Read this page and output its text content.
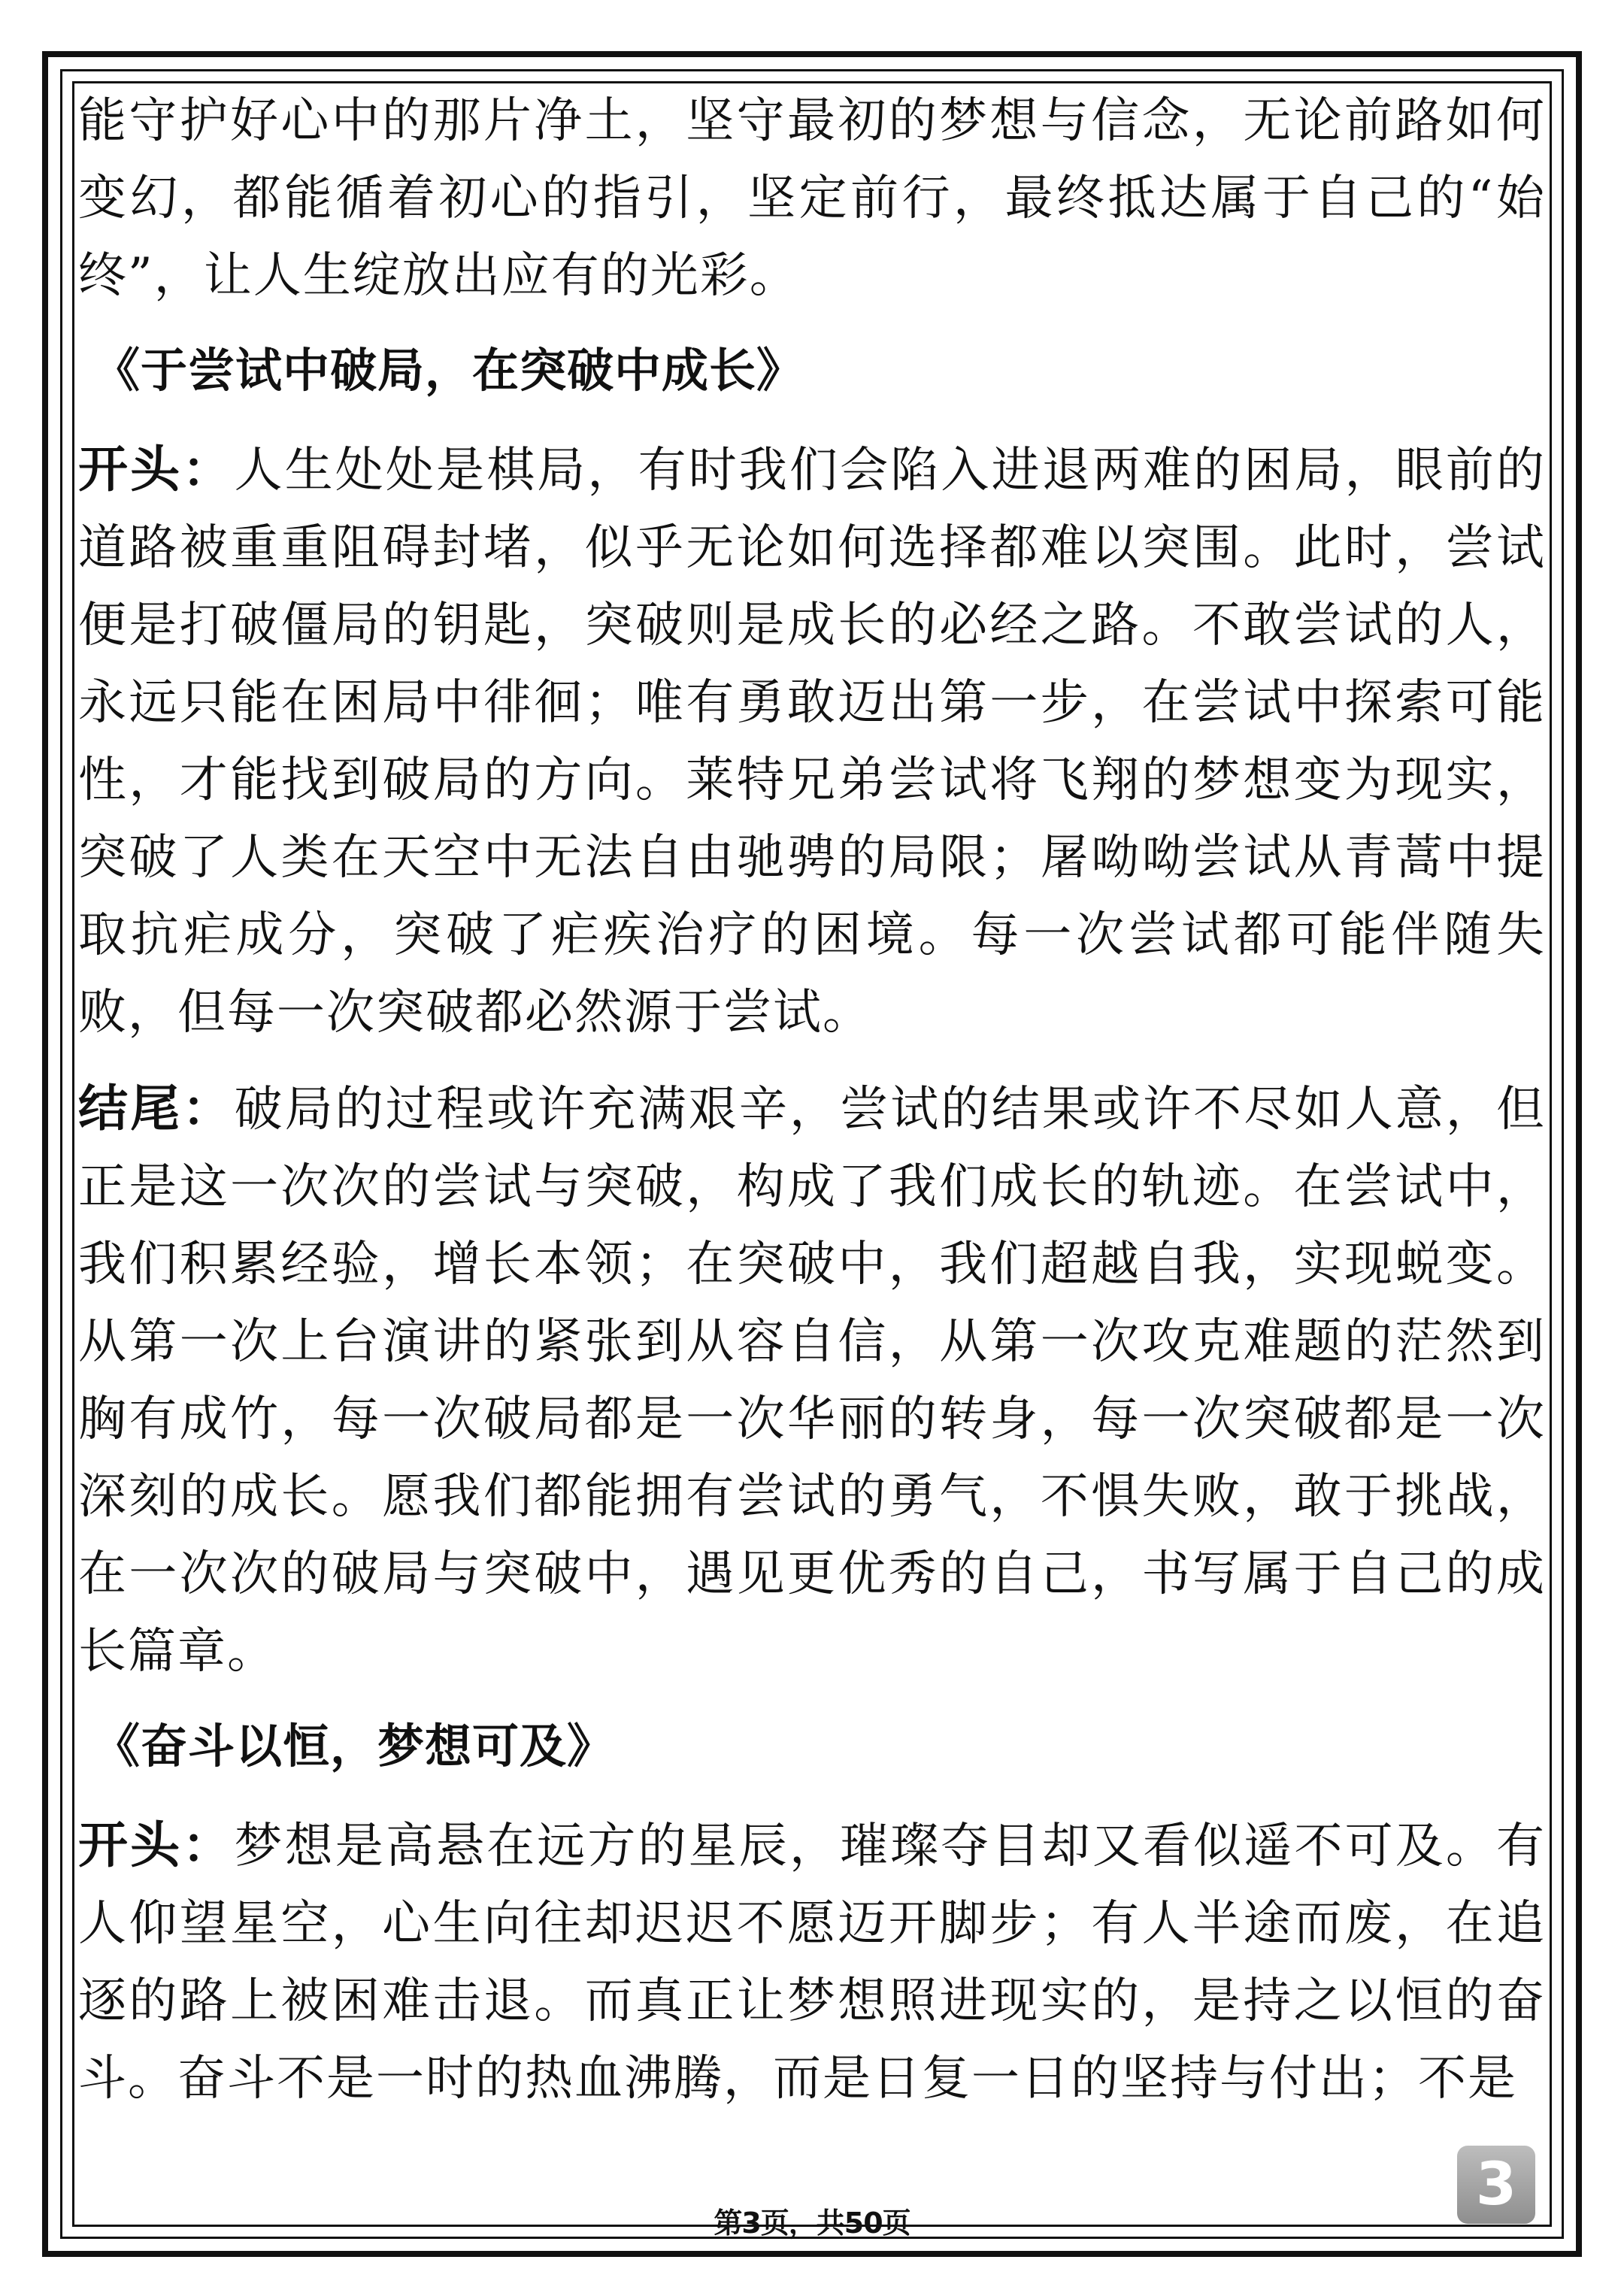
能守护好心中的那片净土，坚守最初的梦想与信念，无论前路如何变幻，都能循着初心的指引，坚定前行，最终抵达属于自己的“始终”，让人生绽放出应有的光彩。

《于尝试中破局，在突破中成长》

开头：人生处处是棋局，有时我们会陷入进退两难的困局，眼前的道路被重重阻碍封堵，似乎无论如何选择都难以突围。此时，尝试便是打破僵局的钥匙，突破则是成长的必经之路。不敢尝试的人，永远只能在困局中徘徊；唯有勇敢迈出第一步，在尝试中探索可能性，才能找到破局的方向。莱特兄弟尝试将飞翔的梦想变为现实，突破了人类在天空中无法自由驰骋的局限；屠呦呦尝试从青蒿中提取抗疟成分，突破了疟疾治疗的困境。每一次尝试都可能伴随失败，但每一次突破都必然源于尝试。

结尾：破局的过程或许充满艰辛，尝试的结果或许不尽如人意，但正是这一次次的尝试与突破，构成了我们成长的轨迹。在尝试中，我们积累经验，增长本领；在突破中，我们超越自我，实现蜕变。从第一次上台演讲的紧张到从容自信，从第一次攻克难题的茫然到胸有成竹，每一次破局都是一次华丽的转身，每一次突破都是一次深刻的成长。愿我们都能拥有尝试的勇气，不惧失败，敢于挑战，在一次次的破局与突破中，遇见更优秀的自己，书写属于自己的成长篇章。

《奋斗以恒，梦想可及》

开头：梦想是高悬在远方的星辰，璀璨夺目却又看似遥不可及。有人仰望星空，心生向往却迟迟不愿迈开脚步；有人半途而废，在追逐的路上被困难击退。而真正让梦想照进现实的，是持之以恒的奋斗。奋斗不是一时的热血沸腾，而是日复一日的坚持与付出；不是

3
第3页，共50页
